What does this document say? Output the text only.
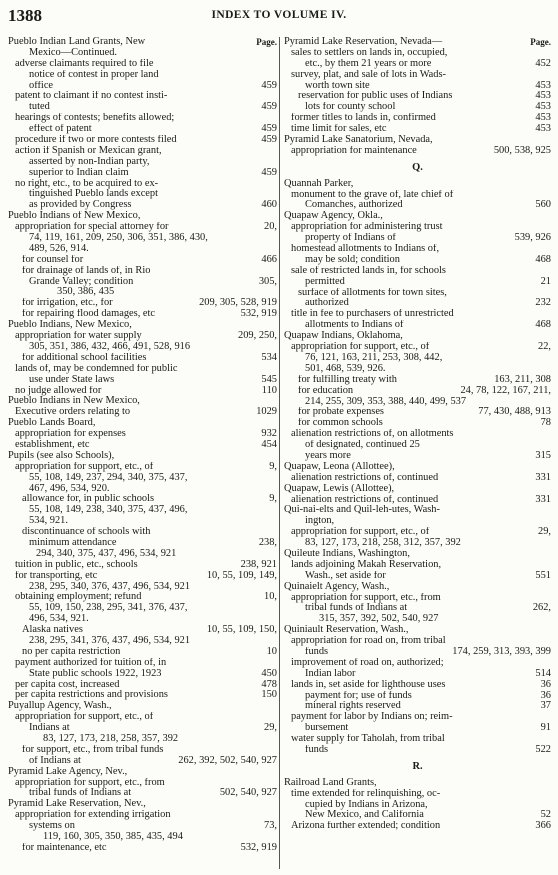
1388	INDEX TO VOLUME IV.
Pueblo Indian Land Grants, New	Page.
Mexico—Continued.
adverse claimants required to file
notice of contest in proper land
office	459
patent to claimant if no contest insti-
tuted	459
hearings of contests; benefits allowed;
effect of patent	459
procedure if two or more contests filed	459
action if Spanish or Mexican grant,
asserted by non-Indian party,
superior to Indian claim	459
no right, etc., to be acquired to ex-
tinguished Pueblo lands except
as provided by Congress	460
Pueblo Indians of New Mexico,
appropriation for special attorney for	20,
74, 119, 161, 209, 250, 306, 351, 386, 430,
489, 526, 914.
for counsel for	466
for drainage of lands of, in Rio
Grande Valley; condition	305,
350, 386, 435
for irrigation, etc., for	209, 305, 528, 919
for repairing flood damages, etc	532, 919
Pueblo Indians, New Mexico,
appropriation for water supply	209, 250,
305, 351, 386, 432, 466, 491, 528, 916
for additional school facilities	534
lands of, may be condemned for public
use under State laws	545
no judge allowed for	110
Pueblo Indians in New Mexico,
Executive orders relating to	1029
Pueblo Lands Board,
appropriation for expenses	932
establishment, etc	454
Pupils (see also Schools),
appropriation for support, etc., of	9,
55, 108, 149, 237, 294, 340, 375, 437,
467, 496, 534, 920.
allowance for, in public schools	9,
55, 108, 149, 238, 340, 375, 437, 496,
534, 921.
discontinuance of schools with
minimum attendance	238,
294, 340, 375, 437, 496, 534, 921
tuition in public, etc., schools	238, 921
for transporting, etc	10, 55, 109, 149,
238, 295, 340, 376, 437, 496, 534, 921
obtaining employment; refund	10,
55, 109, 150, 238, 295, 341, 376, 437,
496, 534, 921.
Alaska natives	10, 55, 109, 150,
238, 295, 341, 376, 437, 496, 534, 921
no per capita restriction	10
payment authorized for tuition of, in
State public schools 1922, 1923	450
per capita cost, increased	478
per capita restrictions and provisions	150
Puyallup Agency, Wash.,
appropriation for support, etc., of
Indians at	29,
83, 127, 173, 218, 258, 357, 392
for support, etc., from tribal funds
of Indians at	262, 392, 502, 540, 927
Pyramid Lake Agency, Nev.,
appropriation for support, etc., from
tribal funds of Indians at	502, 540, 927
Pyramid Lake Reservation, Nev.,
appropriation for extending irrigation
systems on	73,
119, 160, 305, 350, 385, 435, 494
for maintenance, etc	532, 919
Pyramid Lake Reservation, Nevada—	Page.
sales to settlers on lands in, occupied,
etc., by them 21 years or more	452
survey, plat, and sale of lots in Wads-
worth town site	453
reservation for public uses of Indians	453
lots for county school	453
former titles to lands in, confirmed	453
time limit for sales, etc	453
Pyramid Lake Sanatorium, Nevada,
appropriation for maintenance	500, 538, 925
Q.
Quannah Parker,
monument to the grave of, late chief of
Comanches, authorized	560
Quapaw Agency, Okla.,
appropriation for administering trust
property of Indians of	539, 926
homestead allotments to Indians of,
may be sold; condition	468
sale of restricted lands in, for schools
permitted	21
surface of allotments for town sites,
authorized	232
title in fee to purchasers of unrestricted
allotments to Indians of	468
Quapaw Indians, Oklahoma,
appropriation for support, etc., of	22,
76, 121, 163, 211, 253, 308, 442,
501, 468, 539, 926.
for fulfilling treaty with	163, 211, 308
for education	24, 78, 122, 167, 211,
214, 255, 309, 353, 388, 440, 499, 537
for probate expenses	77, 430, 488, 913
for common schools	78
alienation restrictions of, on allotments
of designated, continued 25
years more	315
Quapaw, Leona (Allottee),
alienation restrictions of, continued	331
Quapaw, Lewis (Allottee),
alienation restrictions of, continued	331
Qui-nai-elts and Quil-leh-utes, Wash-
ington,
appropriation for support, etc., of	29,
83, 127, 173, 218, 258, 312, 357, 392
Quileute Indians, Washington,
lands adjoining Makah Reservation,
Wash., set aside for	551
Quinaielt Agency, Wash.,
appropriation for support, etc., from
tribal funds of Indians at	262,
315, 357, 392, 502, 540, 927
Quiniault Reservation, Wash.,
appropriation for road on, from tribal
funds	174, 259, 313, 393, 399
improvement of road on, authorized;
Indian labor	514
lands in, set aside for lighthouse uses	36
payment for; use of funds	36
mineral rights reserved	37
payment for labor by Indians on; reim-
bursement	91
water supply for Taholah, from tribal
funds	522
R.
Railroad Land Grants,
time extended for relinquishing, oc-
cupied by Indians in Arizona,
New Mexico, and California	52
Arizona further extended; condition	366
